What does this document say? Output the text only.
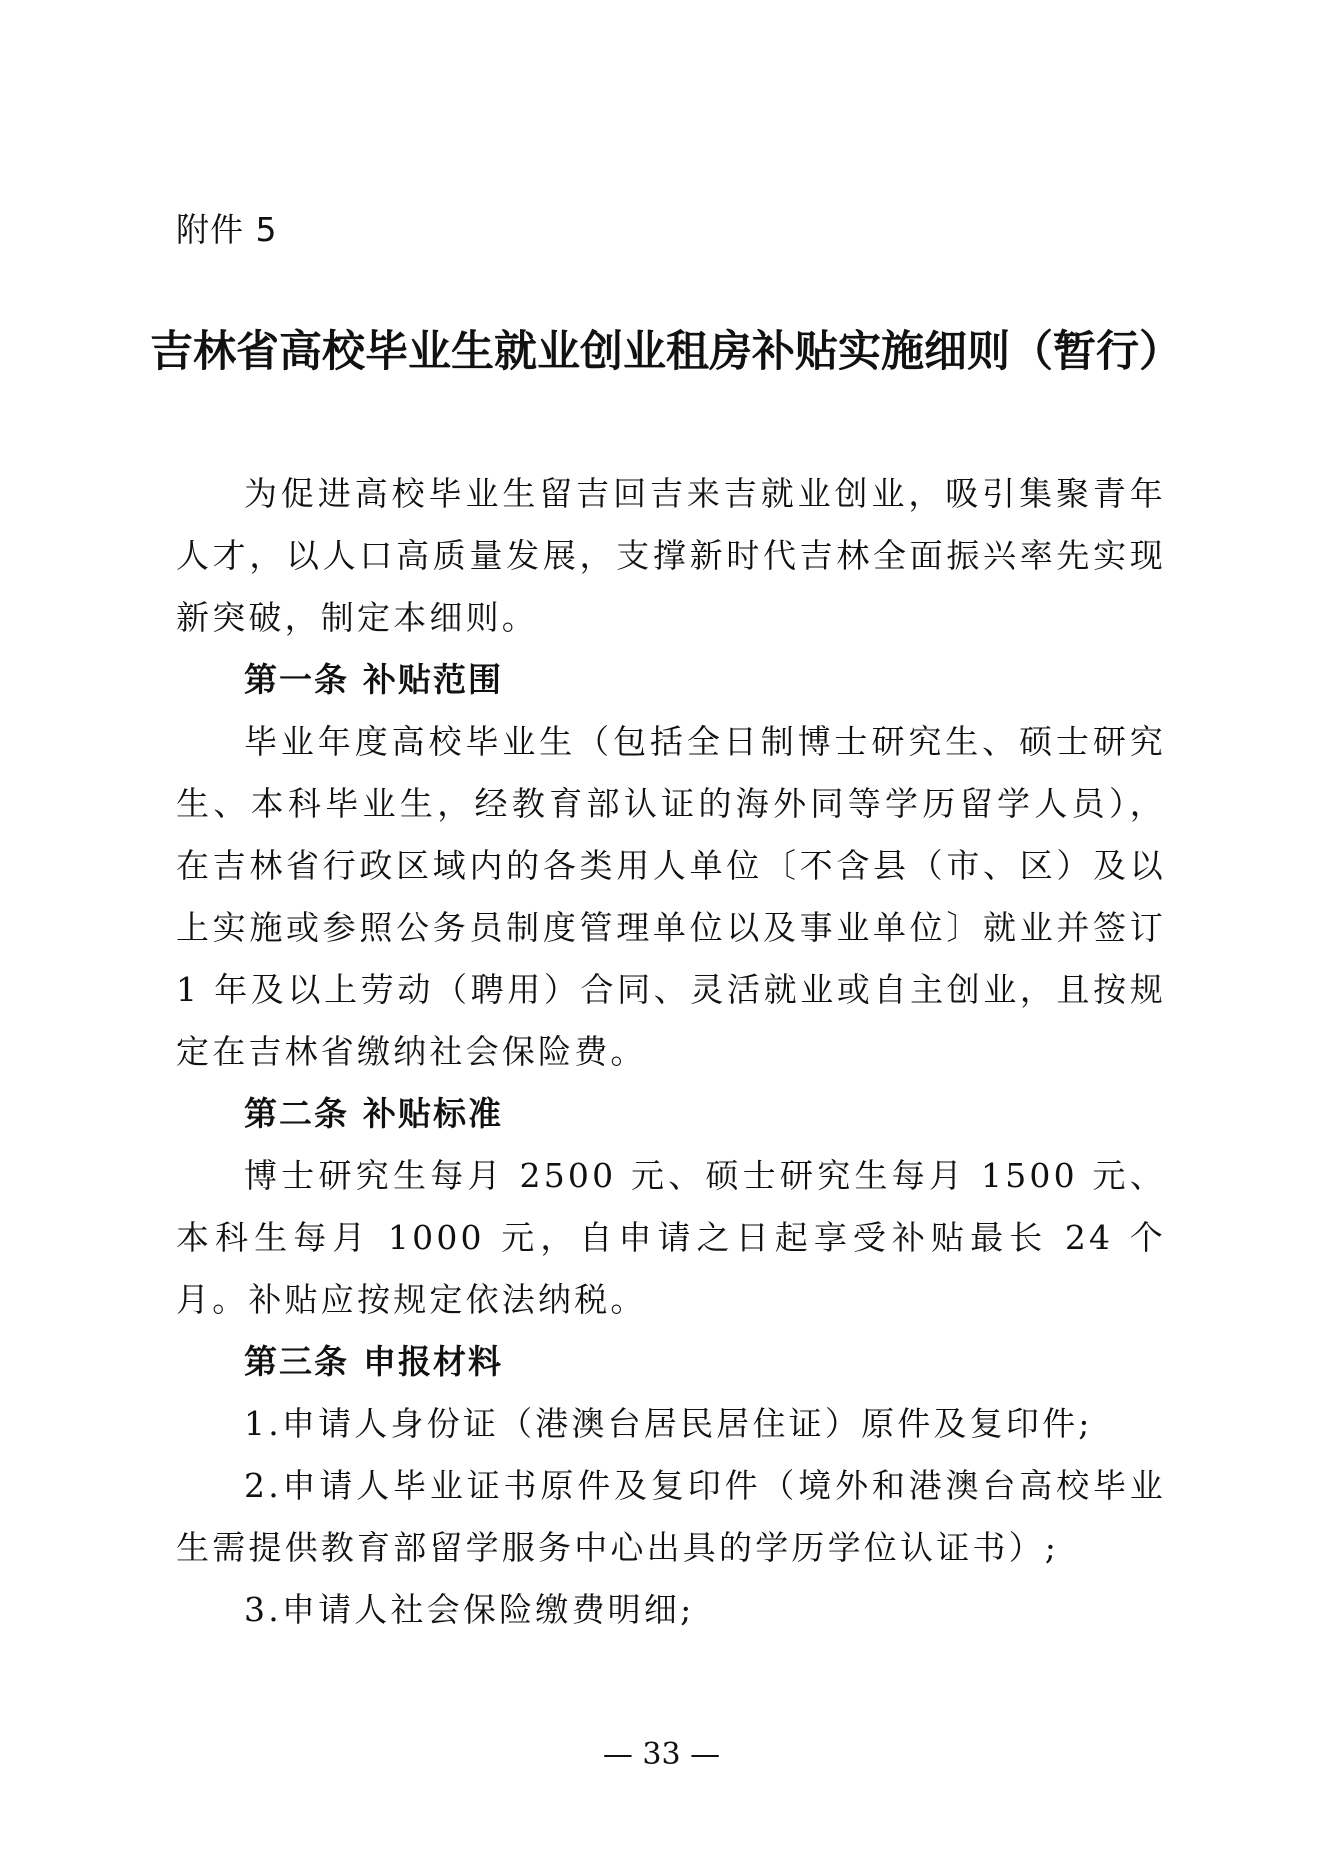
附件 5

吉林省高校毕业生就业创业租房补贴实施细则（暂行）

为促进高校毕业生留吉回吉来吉就业创业，吸引集聚青年人才，以人口高质量发展，支撑新时代吉林全面振兴率先实现新突破，制定本细则。

第一条 补贴范围

毕业年度高校毕业生（包括全日制博士研究生、硕士研究生、本科毕业生，经教育部认证的海外同等学历留学人员），在吉林省行政区域内的各类用人单位〔不含县（市、区）及以上实施或参照公务员制度管理单位以及事业单位〕就业并签订 1 年及以上劳动（聘用）合同、灵活就业或自主创业，且按规定在吉林省缴纳社会保险费。

第二条 补贴标准

博士研究生每月 2500 元、硕士研究生每月 1500 元、本科生每月 1000 元，自申请之日起享受补贴最长 24 个月。补贴应按规定依法纳税。

第三条 申报材料

1.申请人身份证（港澳台居民居住证）原件及复印件;

2.申请人毕业证书原件及复印件（境外和港澳台高校毕业生需提供教育部留学服务中心出具的学历学位认证书）;

3.申请人社会保险缴费明细;

— 33 —
